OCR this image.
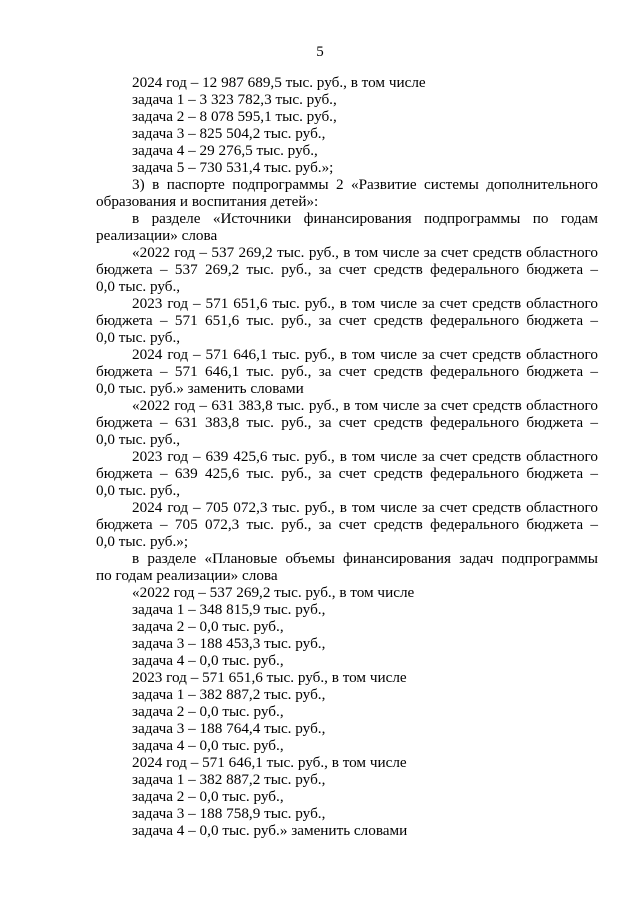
5
2024 год – 12 987 689,5 тыс. руб., в том числе
задача 1 – 3 323 782,3 тыс. руб.,
задача 2 – 8 078 595,1 тыс. руб.,
задача 3 – 825 504,2 тыс. руб.,
задача 4 – 29 276,5 тыс. руб.,
задача 5 – 730 531,4 тыс. руб.»;
3) в паспорте подпрограммы 2 «Развитие системы дополнительного
образования и воспитания детей»:
в разделе «Источники финансирования подпрограммы по годам
реализации» слова
«2022 год – 537 269,2 тыс. руб., в том числе за счет средств областного
бюджета – 537 269,2 тыс. руб., за счет средств федерального бюджета –
0,0 тыс. руб.,
2023 год – 571 651,6 тыс. руб., в том числе за счет средств областного
бюджета – 571 651,6 тыс. руб., за счет средств федерального бюджета –
0,0 тыс. руб.,
2024 год – 571 646,1 тыс. руб., в том числе за счет средств областного
бюджета – 571 646,1 тыс. руб., за счет средств федерального бюджета –
0,0 тыс. руб.» заменить словами
«2022 год – 631 383,8 тыс. руб., в том числе за счет средств областного
бюджета – 631 383,8 тыс. руб., за счет средств федерального бюджета –
0,0 тыс. руб.,
2023 год – 639 425,6 тыс. руб., в том числе за счет средств областного
бюджета – 639 425,6 тыс. руб., за счет средств федерального бюджета –
0,0 тыс. руб.,
2024 год – 705 072,3 тыс. руб., в том числе за счет средств областного
бюджета – 705 072,3 тыс. руб., за счет средств федерального бюджета –
0,0 тыс. руб.»;
в разделе «Плановые объемы финансирования задач подпрограммы
по годам реализации» слова
«2022 год – 537 269,2 тыс. руб., в том числе
задача 1 – 348 815,9 тыс. руб.,
задача 2 – 0,0 тыс. руб.,
задача 3 – 188 453,3 тыс. руб.,
задача 4 – 0,0 тыс. руб.,
2023 год – 571 651,6 тыс. руб., в том числе
задача 1 – 382 887,2 тыс. руб.,
задача 2 – 0,0 тыс. руб.,
задача 3 – 188 764,4 тыс. руб.,
задача 4 – 0,0 тыс. руб.,
2024 год – 571 646,1 тыс. руб., в том числе
задача 1 – 382 887,2 тыс. руб.,
задача 2 – 0,0 тыс. руб.,
задача 3 – 188 758,9 тыс. руб.,
задача 4 – 0,0 тыс. руб.» заменить словами
